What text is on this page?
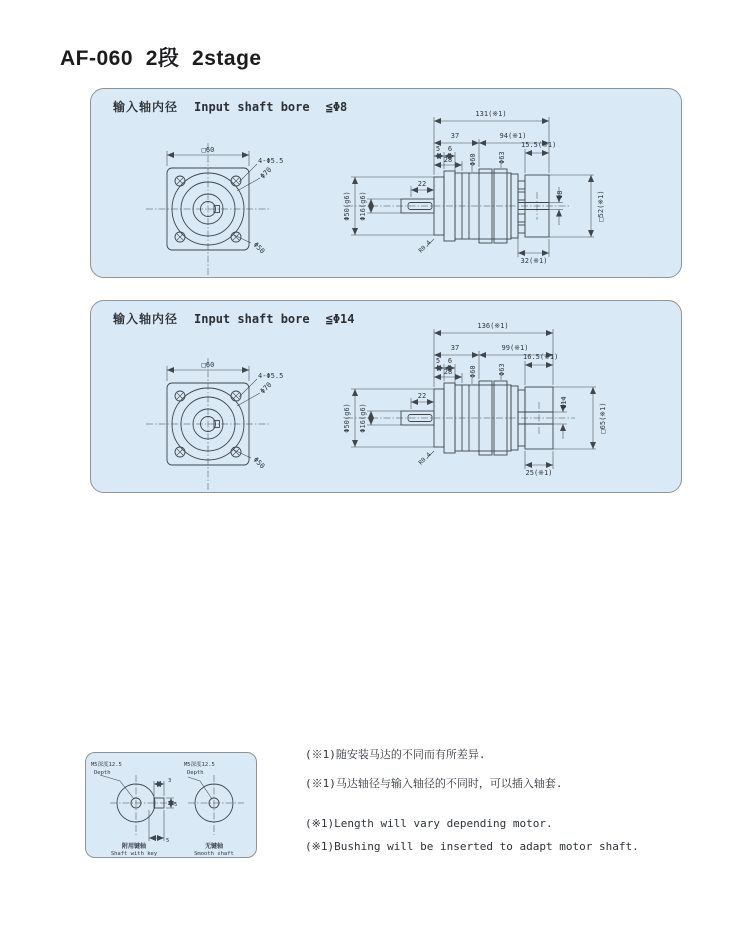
AF-060  2段  2stage
输入轴内径 Input shaft bore ≦Φ8
□60
4-Φ5.5
Φ70
Φ50
131(※1)
37	94(※1)
5 6
28
15.5(※1)
22
Φ60	Φ63
Φ8	□52(※1)
32(※1)
Φ50(g6) Φ16(g6)
R0.4
输入轴内径 Input shaft bore ≦Φ14
□60
4-Φ5.5
Φ70
Φ50
136(※1)
37	99(※1)
5 6
28
16.5(※1)
22
Φ60	Φ63
Φ14	□65(※1)
25(※1)
Φ50(g6) Φ16(g6)
R0.4
M5深度12.5
Depth
3
5
5
附用键轴
Shaft with key
M5深度12.5
Depth
无键轴
Smooth shaft
(※1)随安装马达的不同而有所差异.
(※1)马达轴径与输入轴径的不同时，可以插入轴套.
(※1)Length will vary depending motor.
(※1)Bushing will be inserted to adapt motor shaft.
